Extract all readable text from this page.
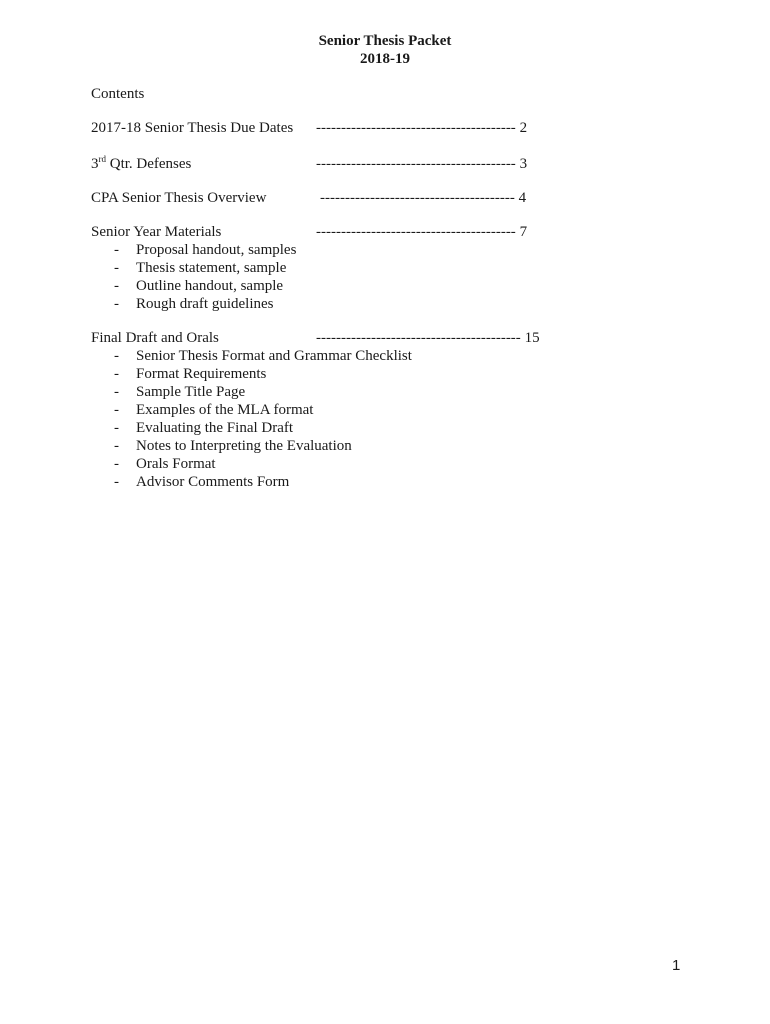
Senior Thesis Packet
2018-19
Contents
2017-18 Senior Thesis Due Dates ---------------------------------------- 2
3rd Qtr. Defenses	---------------------------------------- 3
CPA Senior Thesis Overview	--------------------------------------- 4
Senior Year Materials	---------------------------------------- 7
- Proposal handout, samples
- Thesis statement, sample
- Outline handout, sample
- Rough draft guidelines
Final Draft and Orals	----------------------------------------- 15
- Senior Thesis Format and Grammar Checklist
- Format Requirements
- Sample Title Page
- Examples of the MLA format
- Evaluating the Final Draft
- Notes to Interpreting the Evaluation
- Orals Format
- Advisor Comments Form
1
